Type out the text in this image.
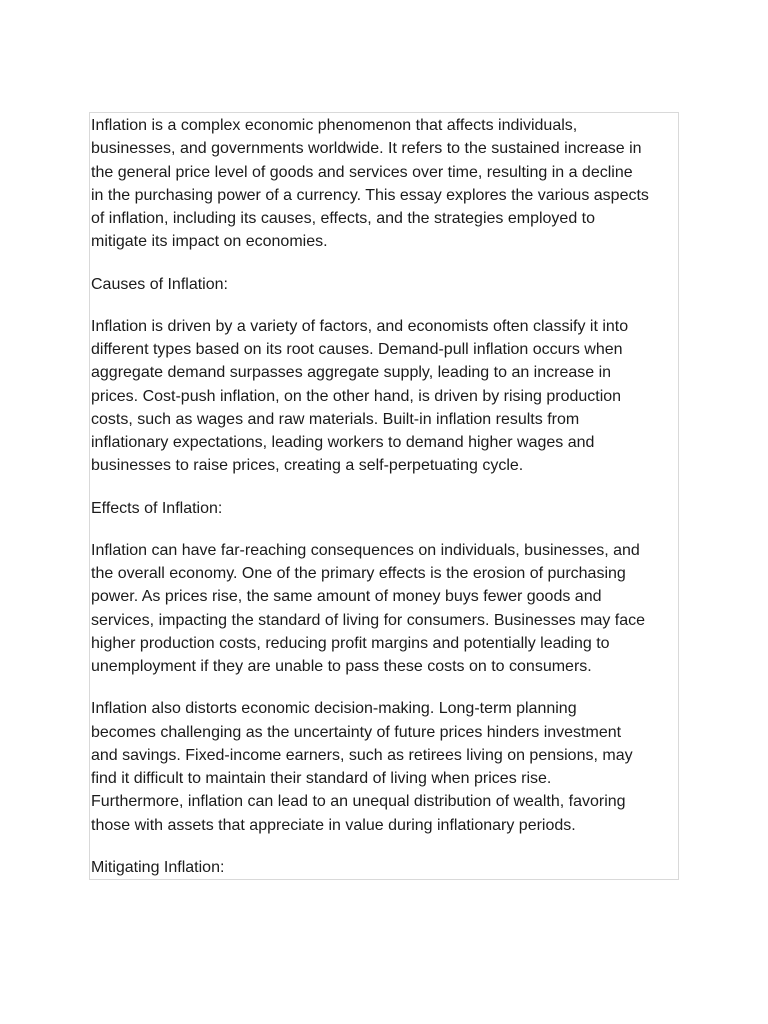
Inflation is a complex economic phenomenon that affects individuals,
businesses, and governments worldwide. It refers to the sustained increase in
the general price level of goods and services over time, resulting in a decline
in the purchasing power of a currency. This essay explores the various aspects
of inflation, including its causes, effects, and the strategies employed to
mitigate its impact on economies.
Causes of Inflation:
Inflation is driven by a variety of factors, and economists often classify it into
different types based on its root causes. Demand-pull inflation occurs when
aggregate demand surpasses aggregate supply, leading to an increase in
prices. Cost-push inflation, on the other hand, is driven by rising production
costs, such as wages and raw materials. Built-in inflation results from
inflationary expectations, leading workers to demand higher wages and
businesses to raise prices, creating a self-perpetuating cycle.
Effects of Inflation:
Inflation can have far-reaching consequences on individuals, businesses, and
the overall economy. One of the primary effects is the erosion of purchasing
power. As prices rise, the same amount of money buys fewer goods and
services, impacting the standard of living for consumers. Businesses may face
higher production costs, reducing profit margins and potentially leading to
unemployment if they are unable to pass these costs on to consumers.
Inflation also distorts economic decision-making. Long-term planning
becomes challenging as the uncertainty of future prices hinders investment
and savings. Fixed-income earners, such as retirees living on pensions, may
find it difficult to maintain their standard of living when prices rise.
Furthermore, inflation can lead to an unequal distribution of wealth, favoring
those with assets that appreciate in value during inflationary periods.
Mitigating Inflation:
